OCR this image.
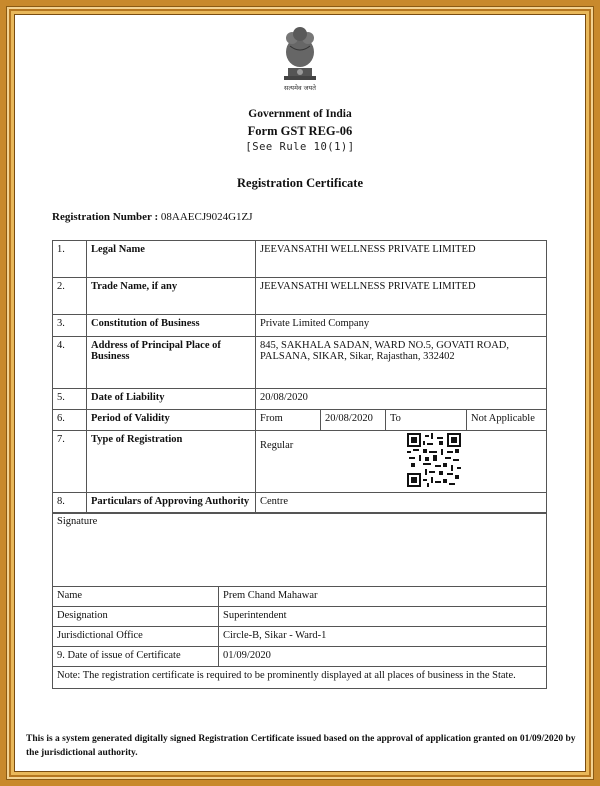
सत्यमेव जयते
Government of India
Form GST REG-06
[See Rule 10(1)]
Registration Certificate
Registration Number : 08AAECJ9024G1ZJ
1.	Legal Name	JEEVANSATHI WELLNESS PRIVATE LIMITED			
2.	Trade Name, if any	JEEVANSATHI WELLNESS PRIVATE LIMITED			
3.	Constitution of Business	Private Limited Company			
4.	Address of Principal Place of Business	845, SAKHALA SADAN, WARD NO.5, GOVATI ROAD, PALSANA, SIKAR, Sikar, Rajasthan, 332402			
5.	Date of Liability	20/08/2020			
6.	Period of Validity	From	20/08/2020	To	Not Applicable
7.	Type of Registration	Regular			
8.	Particulars of Approving Authority	Centre			
Signature	
Name	Prem Chand Mahawar
Designation	Superintendent
Jurisdictional Office	Circle-B, Sikar - Ward-1
9. Date of issue of Certificate	01/09/2020
Note: The registration certificate is required to be prominently displayed at all places of business in the State.	
This is a system generated digitally signed Registration Certificate issued based on the approval of application granted on 01/09/2020 by the jurisdictional authority.
